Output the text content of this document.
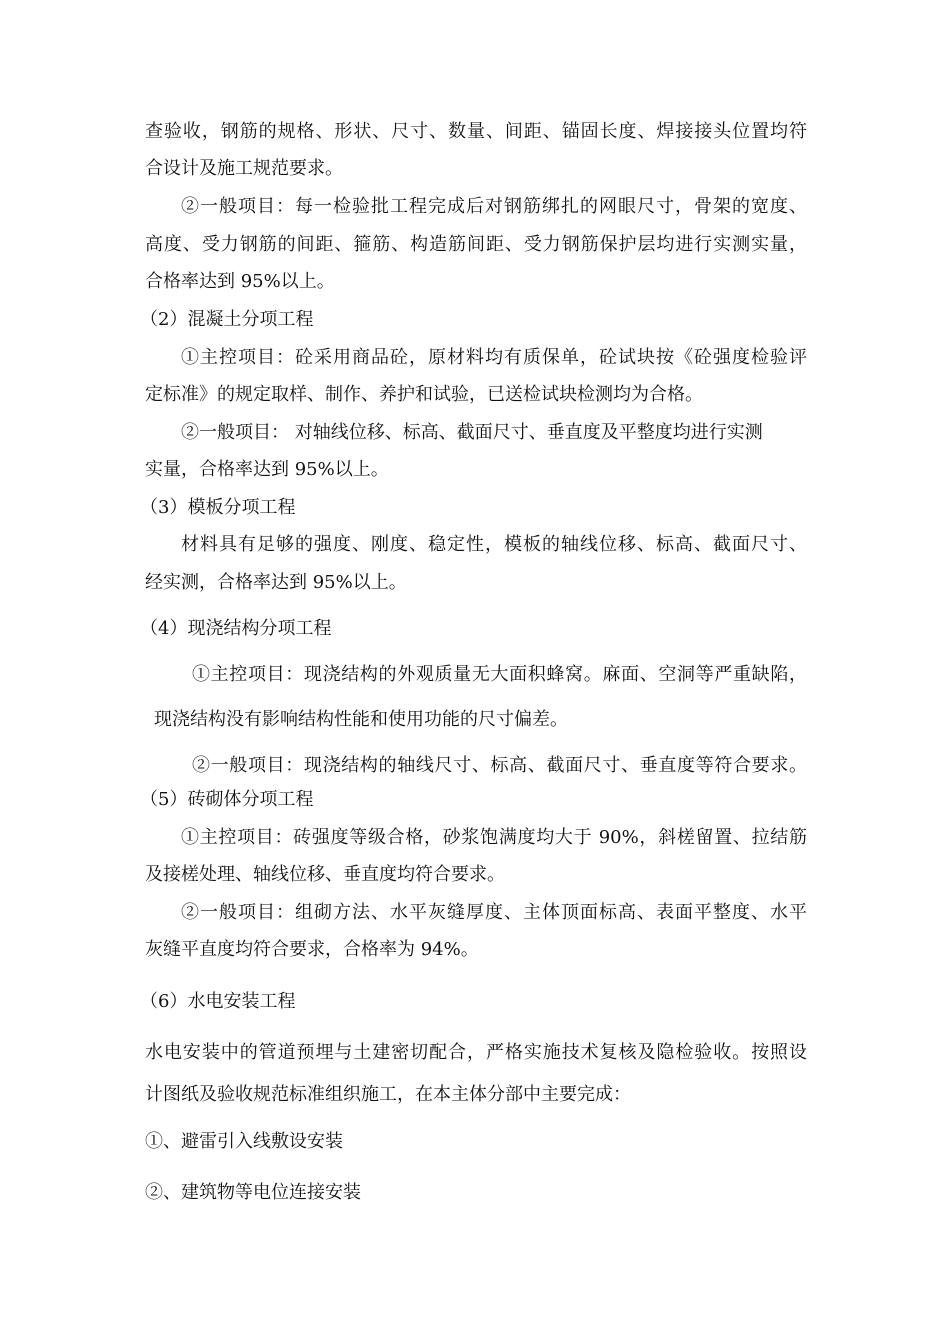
查验收，钢筋的规格、形状、尺寸、数量、间距、锚固长度、焊接接头位置均符

合设计及施工规范要求。

②一般项目：每一检验批工程完成后对钢筋绑扎的网眼尺寸，骨架的宽度、

高度、受力钢筋的间距、箍筋、构造筋间距、受力钢筋保护层均进行实测实量，

合格率达到 95%以上。

（2）混凝土分项工程

①主控项目：砼采用商品砼，原材料均有质保单，砼试块按《砼强度检验评

定标准》的规定取样、制作、养护和试验，已送检试块检测均为合格。

②一般项目： 对轴线位移、标高、截面尺寸、垂直度及平整度均进行实测

实量，合格率达到 95%以上。

（3）模板分项工程

材料具有足够的强度、刚度、稳定性，模板的轴线位移、标高、截面尺寸、

经实测，合格率达到 95%以上。

（4）现浇结构分项工程

①主控项目：现浇结构的外观质量无大面积蜂窝。麻面、空洞等严重缺陷，

现浇结构没有影响结构性能和使用功能的尺寸偏差。

②一般项目：现浇结构的轴线尺寸、标高、截面尺寸、垂直度等符合要求。

（5）砖砌体分项工程

①主控项目：砖强度等级合格，砂浆饱满度均大于 90%，斜槎留置、拉结筋

及接槎处理、轴线位移、垂直度均符合要求。

②一般项目：组砌方法、水平灰缝厚度、主体顶面标高、表面平整度、水平

灰缝平直度均符合要求，合格率为 94%。

（6）水电安装工程

水电安装中的管道预埋与土建密切配合，严格实施技术复核及隐检验收。按照设

计图纸及验收规范标准组织施工，在本主体分部中主要完成：

①、避雷引入线敷设安装

②、建筑物等电位连接安装
